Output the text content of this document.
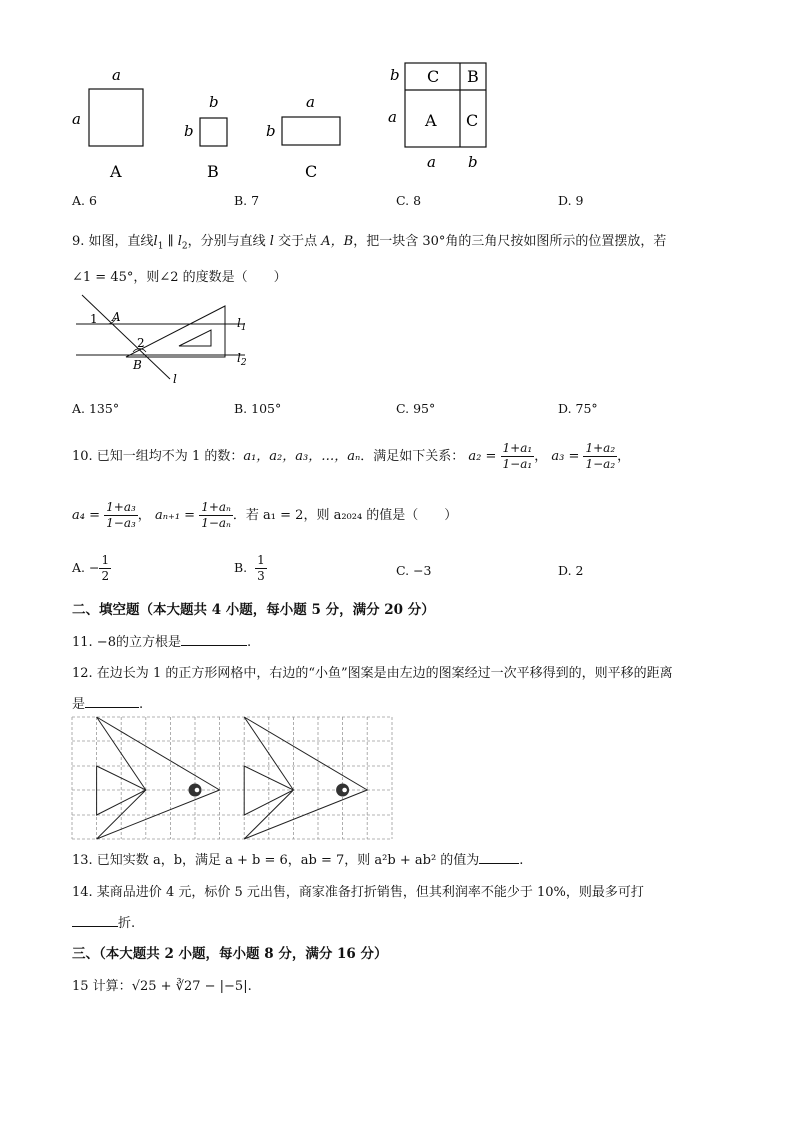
a
a
A
b
b
B
a
b
C
b
a
C B
A C
a b
A. 6	B. 7	C. 8	D. 9
9. 如图，直线$l_1$ ∥ $l_2$，分别与直线 l 交于点 A，B，把一块含 30°角的三角尺按如图所示的位置摆放，若
∠1 = 45°，则∠2 的度数是（　　）
1 A
2
B
l
$l_1$
$l_2$
A. 135°	B. 105°	C. 95°	D. 75°
10. 已知一组均不为 1 的数：a₁，a₂，a₃，…，aₙ．满足如下关系： $a_2 = \frac{\text{1+a₁}}{\text{1−a₁}}$ ， $a_3 = \frac{\text{1+a₂}}{\text{1−a₂}}$ ，
$a_4 = \frac{\text{1+a₃}}{\text{1−a₃}}$ ， $a_{n+1} = \frac{\text{1+aₙ}}{\text{1−aₙ}}$ ．若 a₁ = 2，则 a₂₀₂₄ 的值是（　　）
A. − $\frac{1}{2}$	B. $\frac{1}{3}$	C. −3	D. 2
二、填空题（本大题共 4 小题，每小题 5 分，满分 20 分）
11. −8的立方根是	.
12. 在边长为 1 的正方形网格中，右边的“小鱼”图案是由左边的图案经过一次平移得到的，则平移的距离
是	.
13. 已知实数 a，b，满足 a + b = 6，ab = 7，则 a²b + ab² 的值为	.
14. 某商品进价 4 元，标价 5 元出售，商家准备打折销售，但其利润率不能少于 10%，则最多可打
折.
三、（本大题共 2 小题，每小题 8 分，满分 16 分）
15 计算：√25 + ∛27 − |−5|.
